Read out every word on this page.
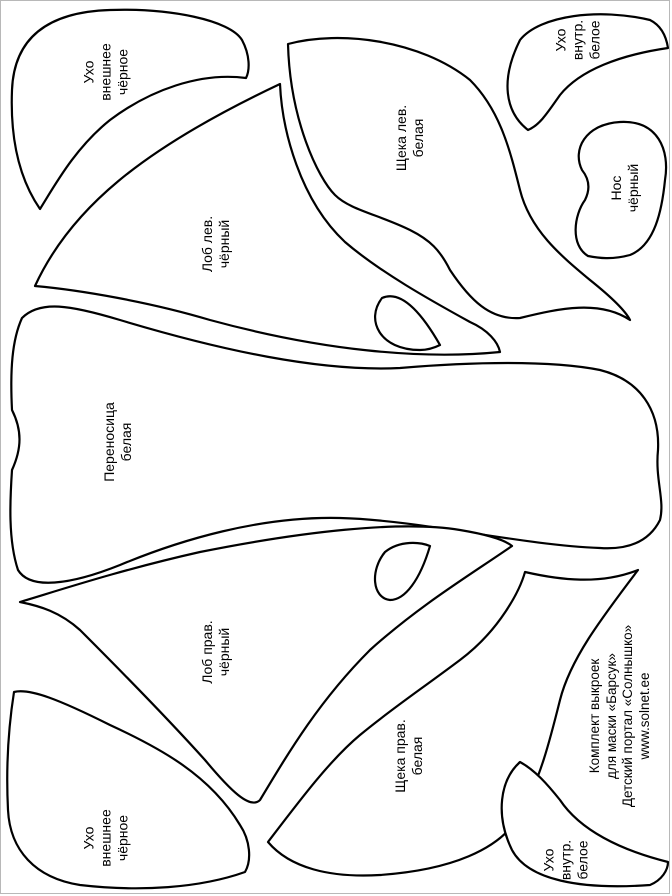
Ухо внешнее чёрное
Лоб лев. чёрный
Щека лев. белая
Ухо внутр. белое
Нос чёрный
Переносица белая
Лоб прав. чёрный
Ухо внешнее чёрное
Щека прав. белая
Ухо внутр. белое
Комплект выкроек для маски «Барсук» Детский портал «Солнышко» www.solnet.ee
